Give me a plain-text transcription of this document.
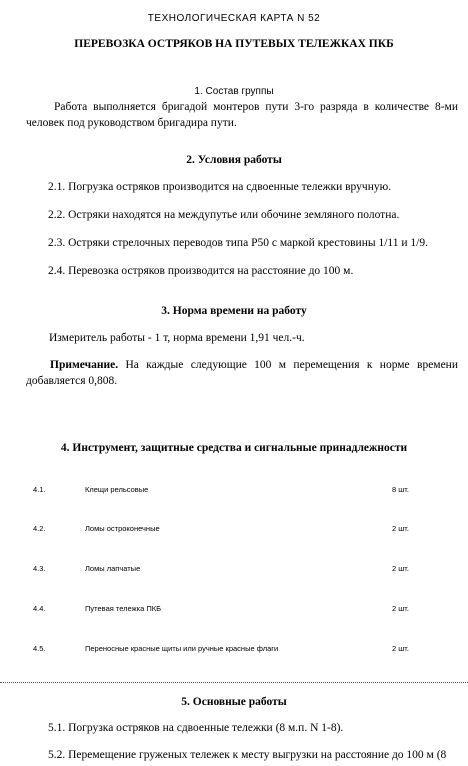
ТЕХНОЛОГИЧЕСКАЯ КАРТА N 52
ПЕРЕВОЗКА ОСТРЯКОВ НА ПУТЕВЫХ ТЕЛЕЖКАХ ПКБ
1. Состав группы
Работа выполняется бригадой монтеров пути 3-го разряда в количестве 8-ми человек под руководством бригадира пути.
2. Условия работы
2.1. Погрузка остряков производится на сдвоенные тележки вручную.
2.2. Остряки находятся на междупутье или обочине земляного полотна.
2.3. Остряки стрелочных переводов типа Р50 с маркой крестовины 1/11 и 1/9.
2.4. Перевозка остряков производится на расстояние до 100 м.
3. Норма времени на работу
Измеритель работы - 1 т, норма времени 1,91 чел.-ч.
Примечание. На каждые следующие 100 м перемещения к норме времени добавляется 0,808.
4. Инструмент, защитные средства и сигнальные принадлежности
4.1.	Клещи рельсовые	8 шт.
4.2.	Ломы остроконечные	2 шт.
4.3.	Ломы лапчатые	2 шт.
4.4.	Путевая тележка ПКБ	2 шт.
4.5.	Переносные красные щиты или ручные красные флаги	2 шт.
5. Основные работы
5.1. Погрузка остряков на сдвоенные тележки (8 м.п. N 1-8).
5.2. Перемещение груженых тележек к месту выгрузки на расстояние до 100 м (8
